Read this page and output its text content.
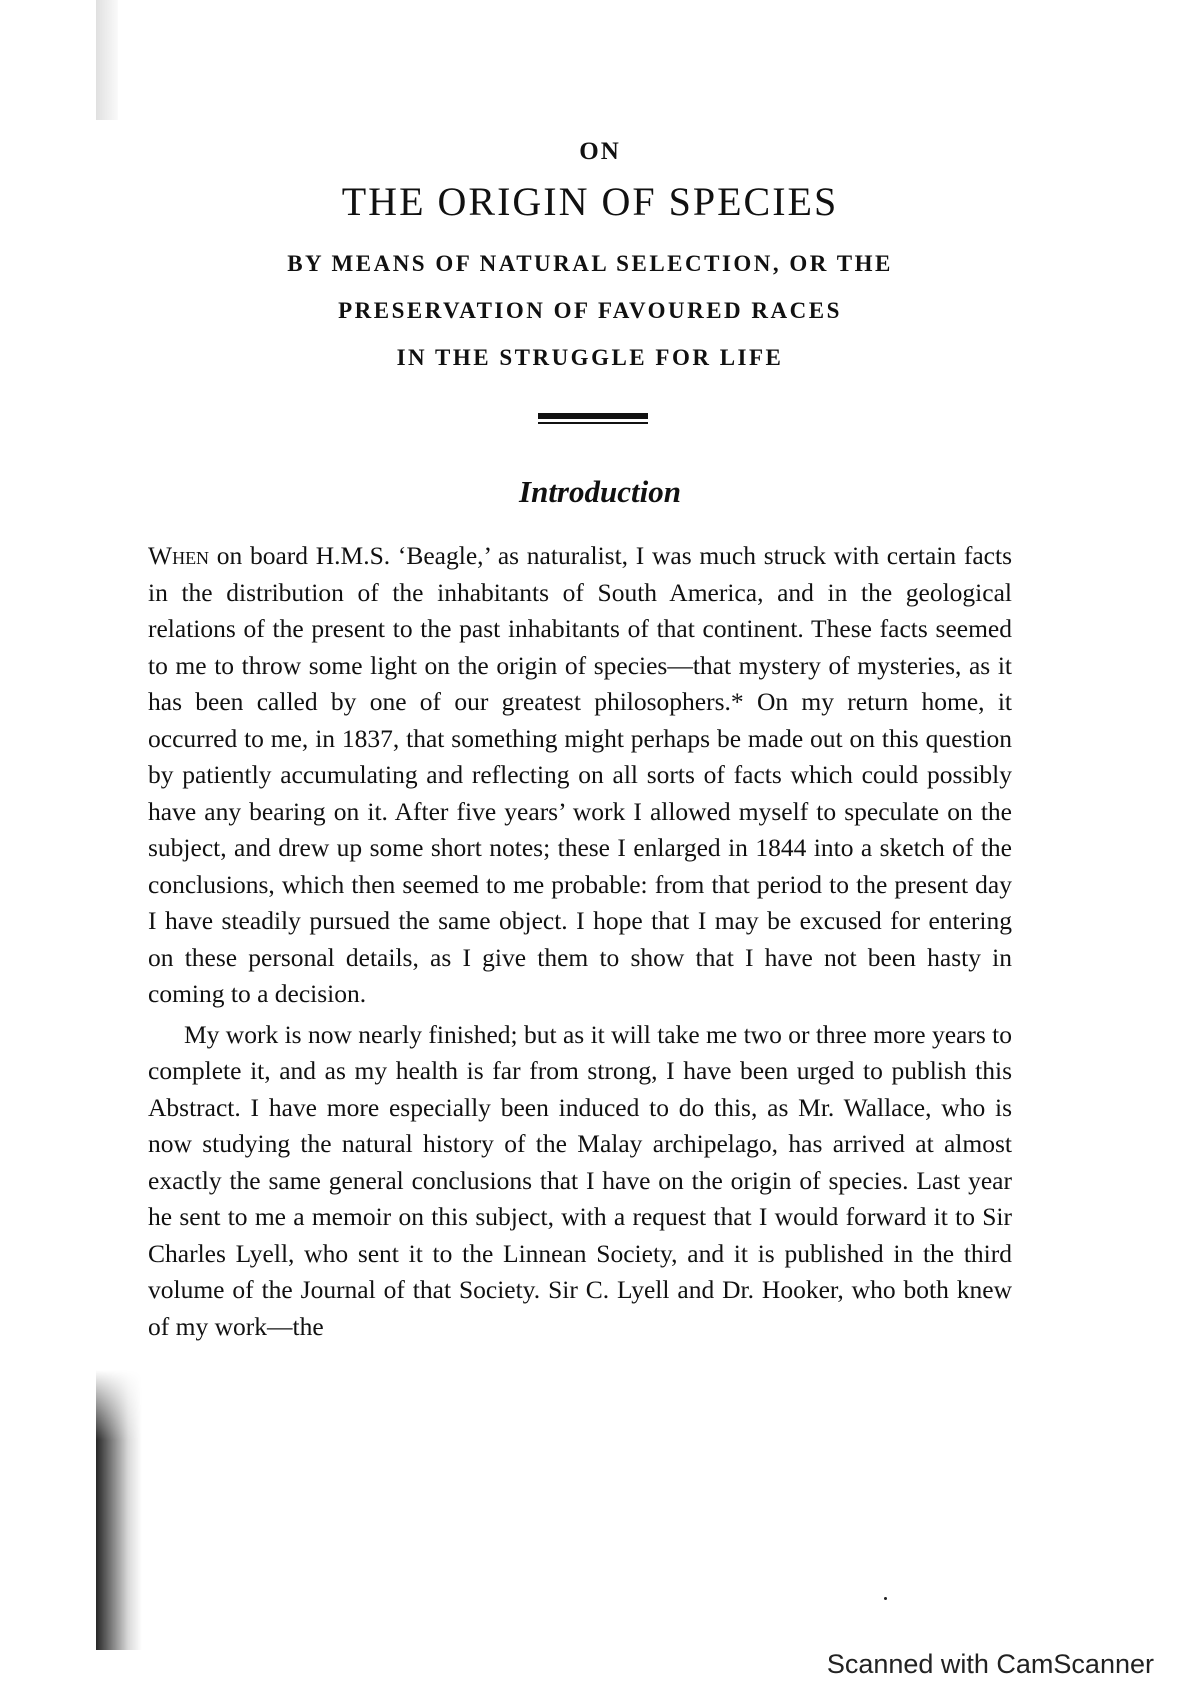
ON
THE ORIGIN OF SPECIES
BY MEANS OF NATURAL SELECTION, OR THE
PRESERVATION OF FAVOURED RACES
IN THE STRUGGLE FOR LIFE
Introduction

When on board H.M.S. ‘Beagle,’ as naturalist, I was much struck with certain facts in the distribution of the inhabitants of South America, and in the geological relations of the present to the past inhabitants of that continent. These facts seemed to me to throw some light on the origin of species—that mystery of mysteries, as it has been called by one of our greatest philosophers.* On my return home, it occurred to me, in 1837, that something might perhaps be made out on this question by patiently accumulating and reflecting on all sorts of facts which could possibly have any bearing on it. After five years’ work I allowed myself to speculate on the subject, and drew up some short notes; these I enlarged in 1844 into a sketch of the conclusions, which then seemed to me probable: from that period to the present day I have steadily pursued the same object. I hope that I may be excused for entering on these personal details, as I give them to show that I have not been hasty in coming to a decision.

My work is now nearly finished; but as it will take me two or three more years to complete it, and as my health is far from strong, I have been urged to publish this Abstract. I have more especially been induced to do this, as Mr. Wallace, who is now studying the natural history of the Malay archipelago, has arrived at almost exactly the same general conclusions that I have on the origin of species. Last year he sent to me a memoir on this subject, with a request that I would forward it to Sir Charles Lyell, who sent it to the Linnean Society, and it is published in the third volume of the Journal of that Society. Sir C. Lyell and Dr. Hooker, who both knew of my work—the

Scanned with CamScanner
